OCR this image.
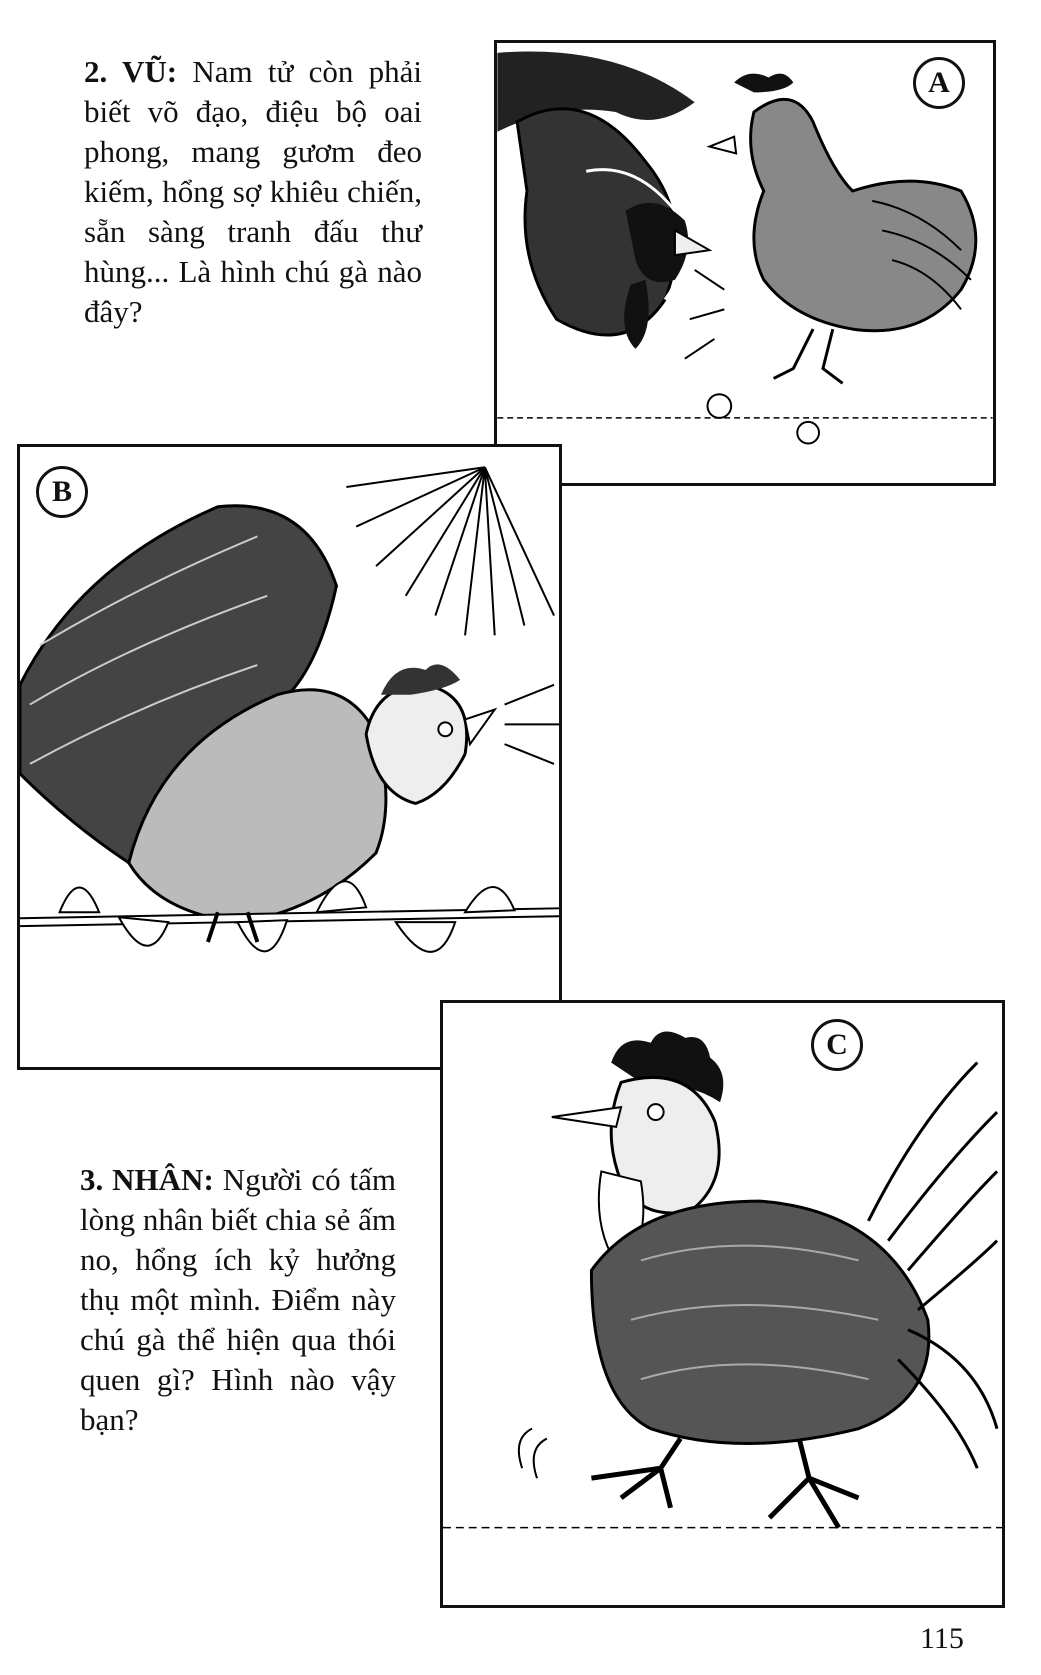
2. VŨ: Nam tử còn phải biết võ đạo, điệu bộ oai phong, mang gươm đeo kiếm, hổng sợ khiêu chiến, sẵn sàng tranh đấu thư hùng... Là hình chú gà nào đây?
A
B
C
3. NHÂN: Người có tấm lòng nhân biết chia sẻ ấm no, hổng ích kỷ hưởng thụ một mình. Điểm này chú gà thể hiện qua thói quen gì? Hình nào vậy bạn?
115
